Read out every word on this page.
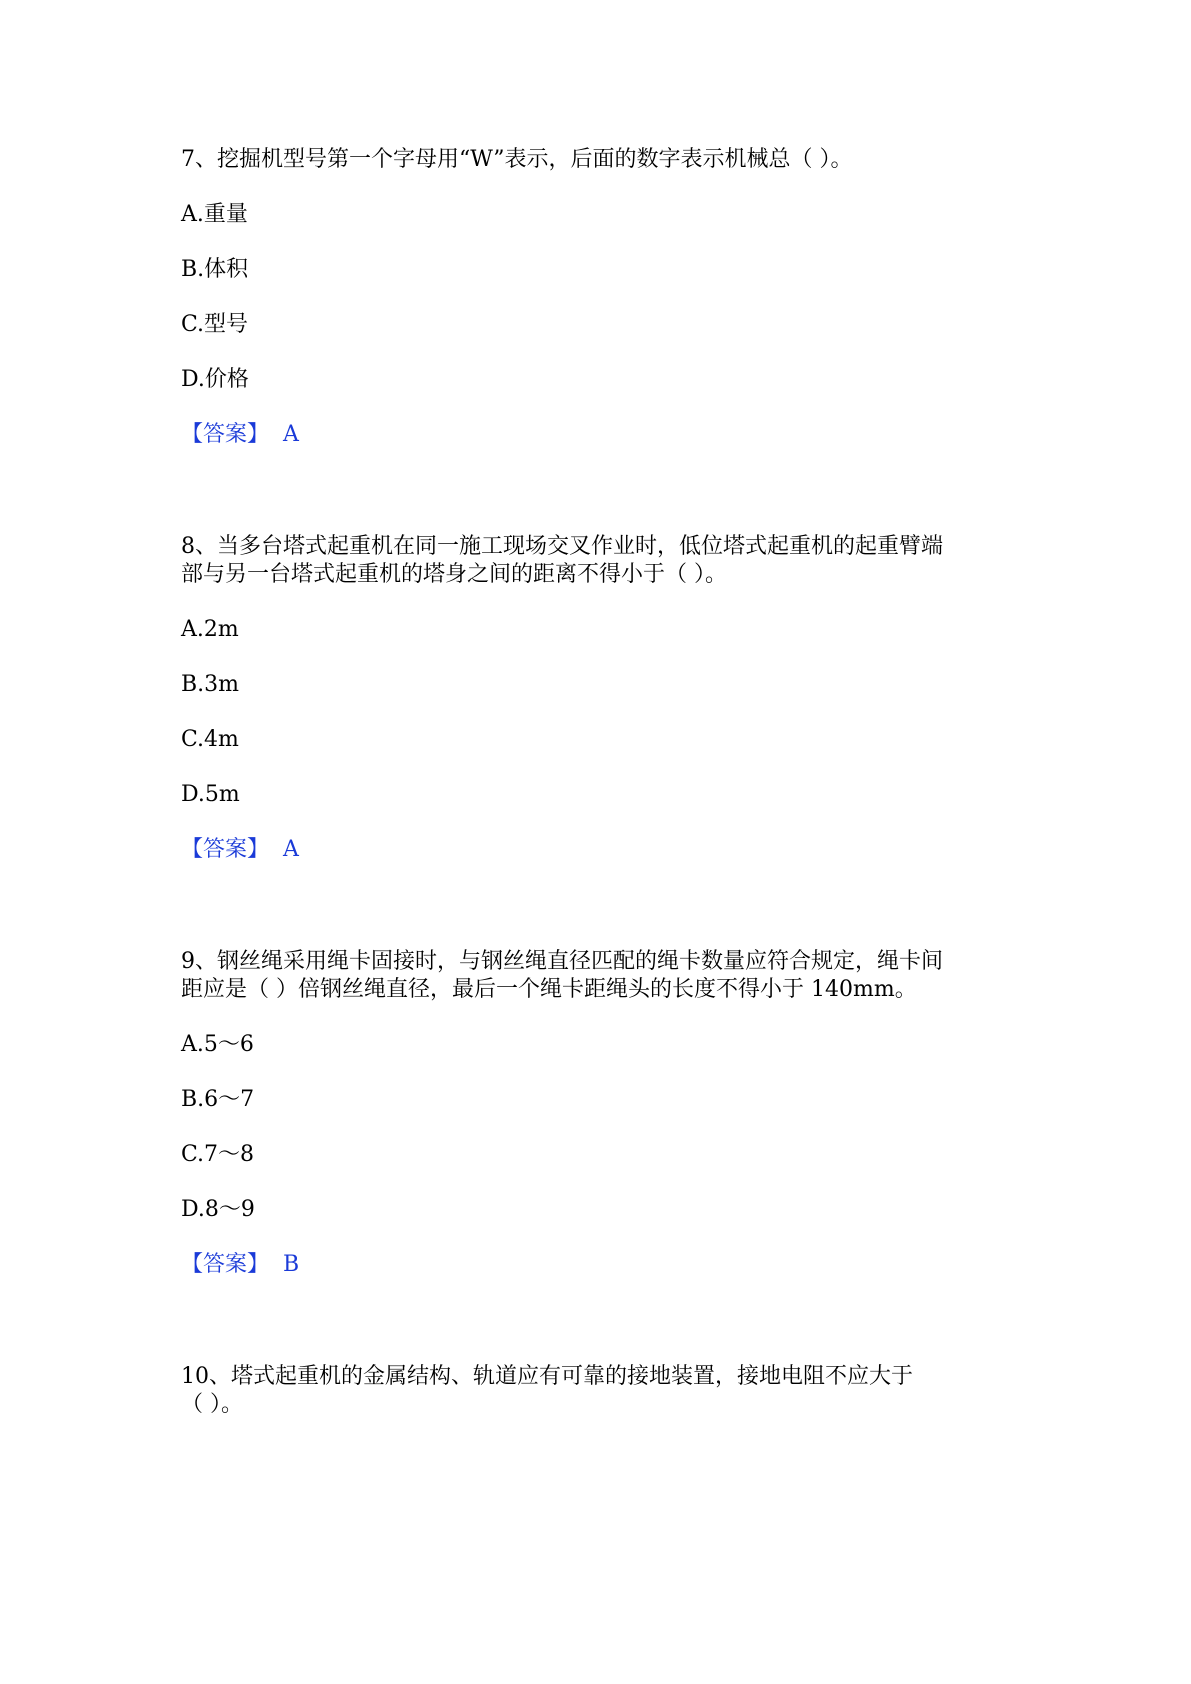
7、挖掘机型号第一个字母用“W”表示，后面的数字表示机械总（ ）。
A.重量
B.体积
C.型号
D.价格
【答案】 A
8、当多台塔式起重机在同一施工现场交叉作业时，低位塔式起重机的起重臂端
部与另一台塔式起重机的塔身之间的距离不得小于（ ）。
A.2m
B.3m
C.4m
D.5m
【答案】 A
9、钢丝绳采用绳卡固接时，与钢丝绳直径匹配的绳卡数量应符合规定，绳卡间
距应是（ ）倍钢丝绳直径，最后一个绳卡距绳头的长度不得小于 140mm。
A.5～6
B.6～7
C.7～8
D.8～9
【答案】 B
10、塔式起重机的金属结构、轨道应有可靠的接地装置，接地电阻不应大于
（ ）。
